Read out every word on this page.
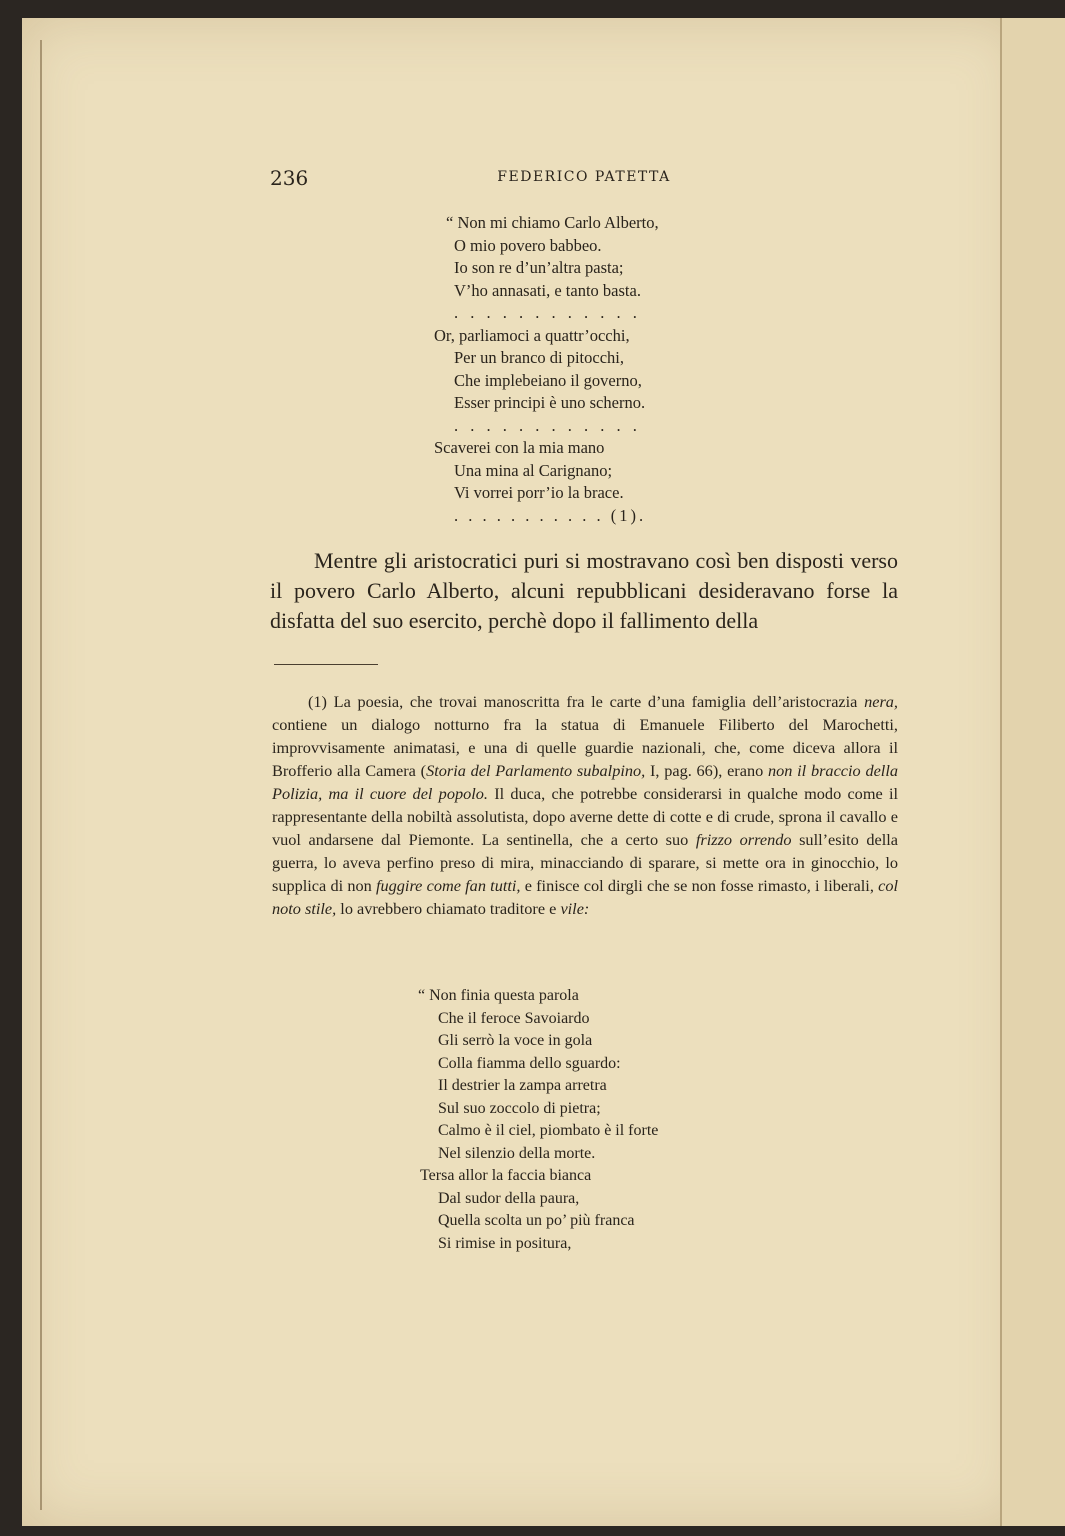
236	FEDERICO PATETTA
“ Non mi chiamo Carlo Alberto,
O mio povero babbeo.
Io son re d’un’altra pasta;
V’ho annasati, e tanto basta.
. . . . . . . . . . . .
Or, parliamoci a quattr’occhi,
Per un branco di pitocchi,
Che implebeiano il governo,
Esser principi è uno scherno.
. . . . . . . . . . . .
Scaverei con la mia mano
Una mina al Carignano;
Vi vorrei porr’io la brace.
. . . . . . . . . . . (1).
Mentre gli aristocratici puri si mostravano così ben disposti verso il povero Carlo Alberto, alcuni repubblicani desideravano forse la disfatta del suo esercito, perchè dopo il fallimento della
(1) La poesia, che trovai manoscritta fra le carte d’una famiglia dell’aristocrazia nera, contiene un dialogo notturno fra la statua di Emanuele Filiberto del Marochetti, improvvisamente animatasi, e una di quelle guardie nazionali, che, come diceva allora il Brofferio alla Camera (Storia del Parlamento subalpino, I, pag. 66), erano non il braccio della Polizia, ma il cuore del popolo. Il duca, che potrebbe considerarsi in qualche modo come il rappresentante della nobiltà assolutista, dopo averne dette di cotte e di crude, sprona il cavallo e vuol andarsene dal Piemonte. La sentinella, che a certo suo frizzo orrendo sull’esito della guerra, lo aveva perfino preso di mira, minacciando di sparare, si mette ora in ginocchio, lo supplica di non fuggire come fan tutti, e finisce col dirgli che se non fosse rimasto, i liberali, col noto stile, lo avrebbero chiamato traditore e vile:
“ Non finia questa parola
Che il feroce Savoiardo
Gli serrò la voce in gola
Colla fiamma dello sguardo:
Il destrier la zampa arretra
Sul suo zoccolo di pietra;
Calmo è il ciel, piombato è il forte
Nel silenzio della morte.
Tersa allor la faccia bianca
Dal sudor della paura,
Quella scolta un po’ più franca
Si rimise in positura,
